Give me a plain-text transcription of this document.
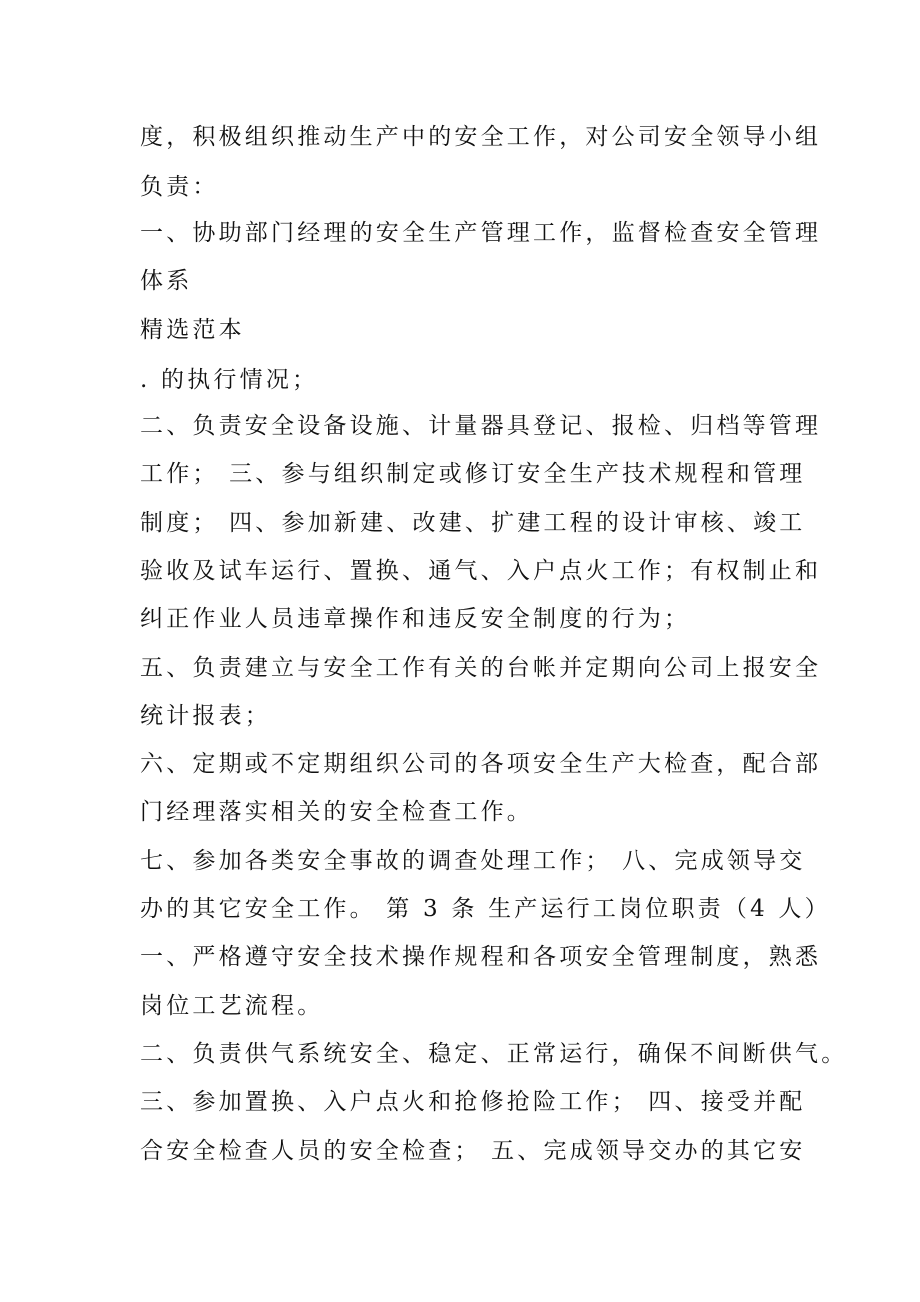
度，积极组织推动生产中的安全工作，对公司安全领导小组
负责：
一、协助部门经理的安全生产管理工作，监督检查安全管理
体系
精选范本
. 的执行情况；
二、负责安全设备设施、计量器具登记、报检、归档等管理
工作； 三、参与组织制定或修订安全生产技术规程和管理
制度； 四、参加新建、改建、扩建工程的设计审核、竣工
验收及试车运行、置换、通气、入户点火工作；有权制止和
纠正作业人员违章操作和违反安全制度的行为；
五、负责建立与安全工作有关的台帐并定期向公司上报安全
统计报表；
六、定期或不定期组织公司的各项安全生产大检查，配合部
门经理落实相关的安全检查工作。
七、参加各类安全事故的调查处理工作； 八、完成领导交
办的其它安全工作。 第 3 条 生产运行工岗位职责（4 人）
一、严格遵守安全技术操作规程和各项安全管理制度，熟悉
岗位工艺流程。
二、负责供气系统安全、稳定、正常运行，确保不间断供气。
三、参加置换、入户点火和抢修抢险工作； 四、接受并配
合安全检查人员的安全检查； 五、完成领导交办的其它安
